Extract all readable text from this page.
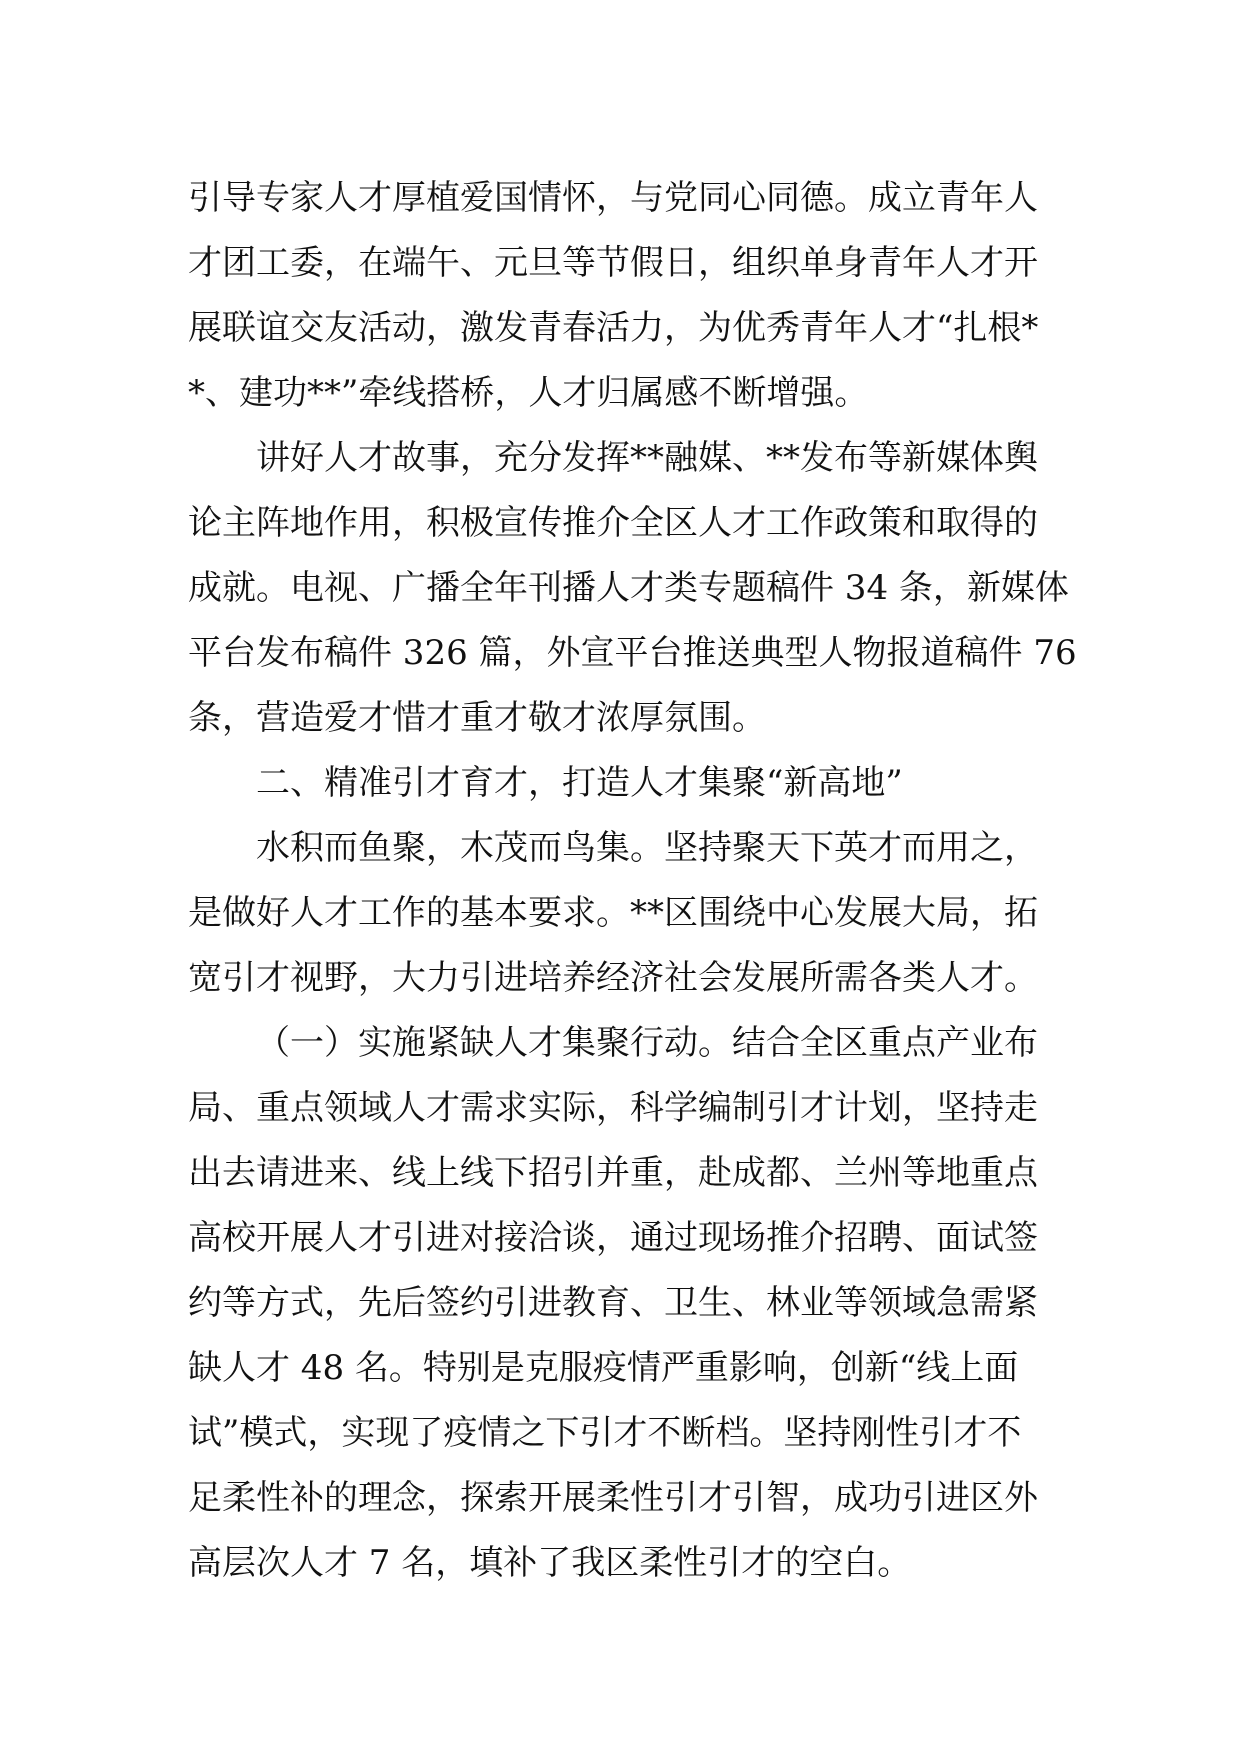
引导专家人才厚植爱国情怀，与党同心同德。成立青年人
才团工委，在端午、元旦等节假日，组织单身青年人才开
展联谊交友活动，激发青春活力，为优秀青年人才“扎根*
*、建功**”牵线搭桥，人才归属感不断增强。
讲好人才故事，充分发挥**融媒、**发布等新媒体舆
论主阵地作用，积极宣传推介全区人才工作政策和取得的
成就。电视、广播全年刊播人才类专题稿件 34 条，新媒体
平台发布稿件 326 篇，外宣平台推送典型人物报道稿件 76
条，营造爱才惜才重才敬才浓厚氛围。
二、精准引才育才，打造人才集聚“新高地”
水积而鱼聚，木茂而鸟集。坚持聚天下英才而用之，
是做好人才工作的基本要求。**区围绕中心发展大局，拓
宽引才视野，大力引进培养经济社会发展所需各类人才。
（一）实施紧缺人才集聚行动。结合全区重点产业布
局、重点领域人才需求实际，科学编制引才计划，坚持走
出去请进来、线上线下招引并重，赴成都、兰州等地重点
高校开展人才引进对接洽谈，通过现场推介招聘、面试签
约等方式，先后签约引进教育、卫生、林业等领域急需紧
缺人才 48 名。特别是克服疫情严重影响，创新“线上面
试”模式，实现了疫情之下引才不断档。坚持刚性引才不
足柔性补的理念，探索开展柔性引才引智，成功引进区外
高层次人才 7 名，填补了我区柔性引才的空白。
